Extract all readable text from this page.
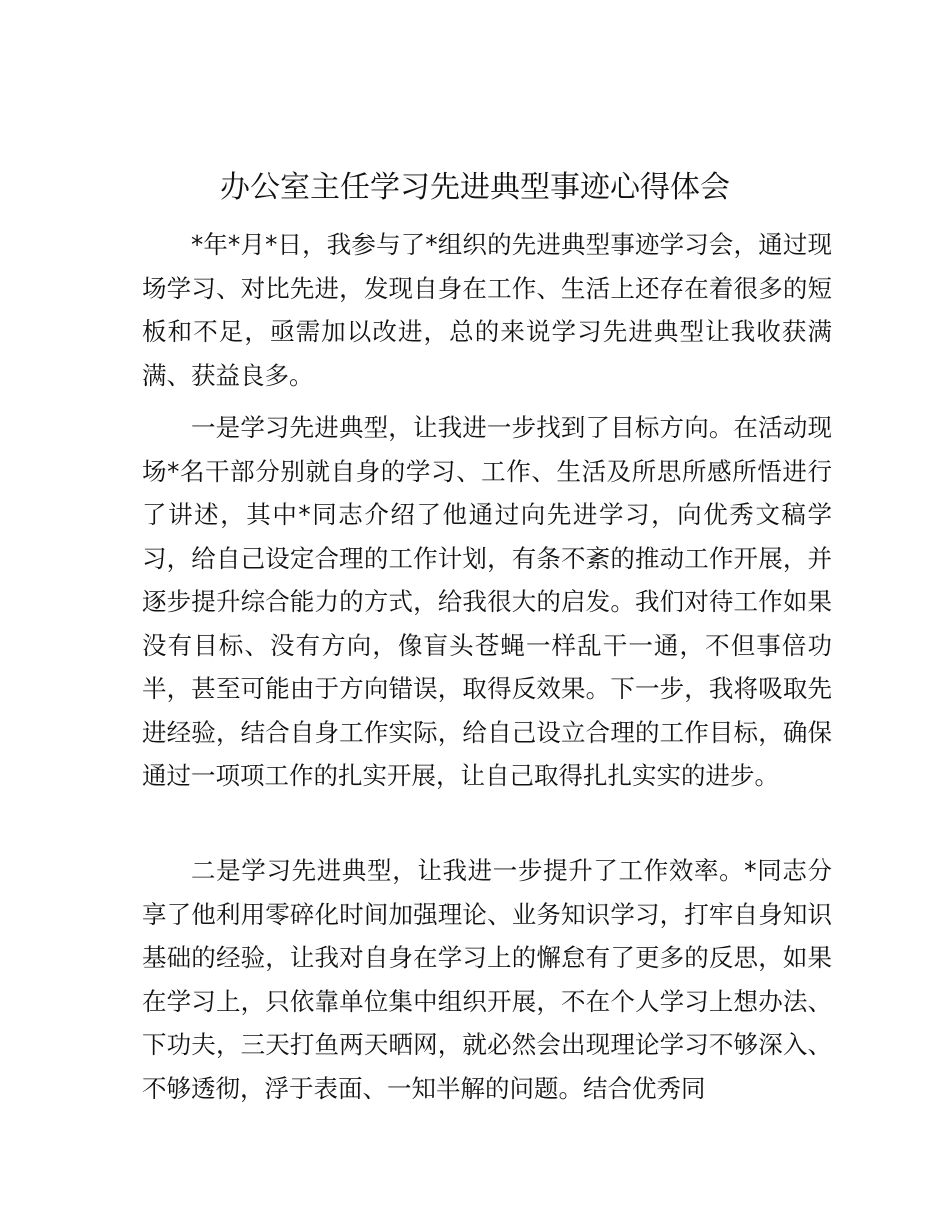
办公室主任学习先进典型事迹心得体会

*年*月*日，我参与了*组织的先进典型事迹学习会，通过现场学习、对比先进，发现自身在工作、生活上还存在着很多的短板和不足，亟需加以改进，总的来说学习先进典型让我收获满满、获益良多。

一是学习先进典型，让我进一步找到了目标方向。在活动现场*名干部分别就自身的学习、工作、生活及所思所感所悟进行了讲述，其中*同志介绍了他通过向先进学习，向优秀文稿学习，给自己设定合理的工作计划，有条不紊的推动工作开展，并逐步提升综合能力的方式，给我很大的启发。我们对待工作如果没有目标、没有方向，像盲头苍蝇一样乱干一通，不但事倍功半，甚至可能由于方向错误，取得反效果。下一步，我将吸取先进经验，结合自身工作实际，给自己设立合理的工作目标，确保通过一项项工作的扎实开展，让自己取得扎扎实实的进步。

二是学习先进典型，让我进一步提升了工作效率。*同志分享了他利用零碎化时间加强理论、业务知识学习，打牢自身知识基础的经验，让我对自身在学习上的懈怠有了更多的反思，如果在学习上，只依靠单位集中组织开展，不在个人学习上想办法、下功夫，三天打鱼两天晒网，就必然会出现理论学习不够深入、不够透彻，浮于表面、一知半解的问题。结合优秀同
